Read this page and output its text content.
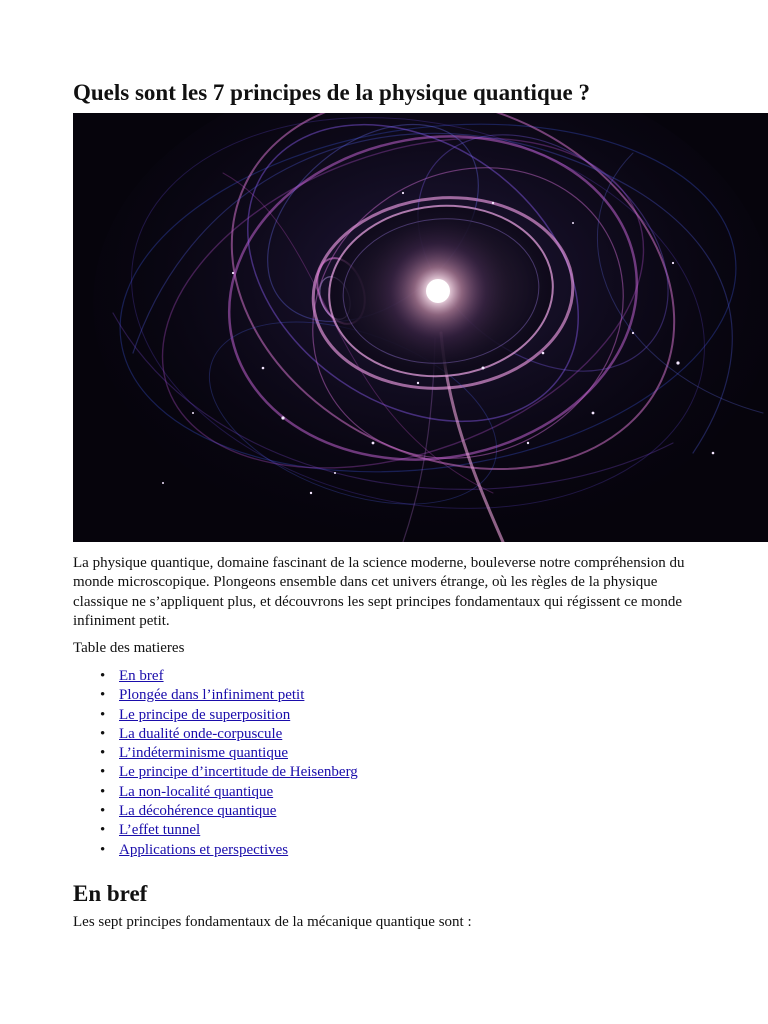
Quels sont les 7 principes de la physique quantique ?

La physique quantique, domaine fascinant de la science moderne, bouleverse notre compréhension du monde microscopique. Plongeons ensemble dans cet univers étrange, où les règles de la physique classique ne s’appliquent plus, et découvrons les sept principes fondamentaux qui régissent ce monde infiniment petit.

Table des matieres

• En bref
• Plongée dans l’infiniment petit
• Le principe de superposition
• La dualité onde-corpuscule
• L’indéterminisme quantique
• Le principe d’incertitude de Heisenberg
• La non-localité quantique
• La décohérence quantique
• L’effet tunnel
• Applications et perspectives
En bref

Les sept principes fondamentaux de la mécanique quantique sont :
